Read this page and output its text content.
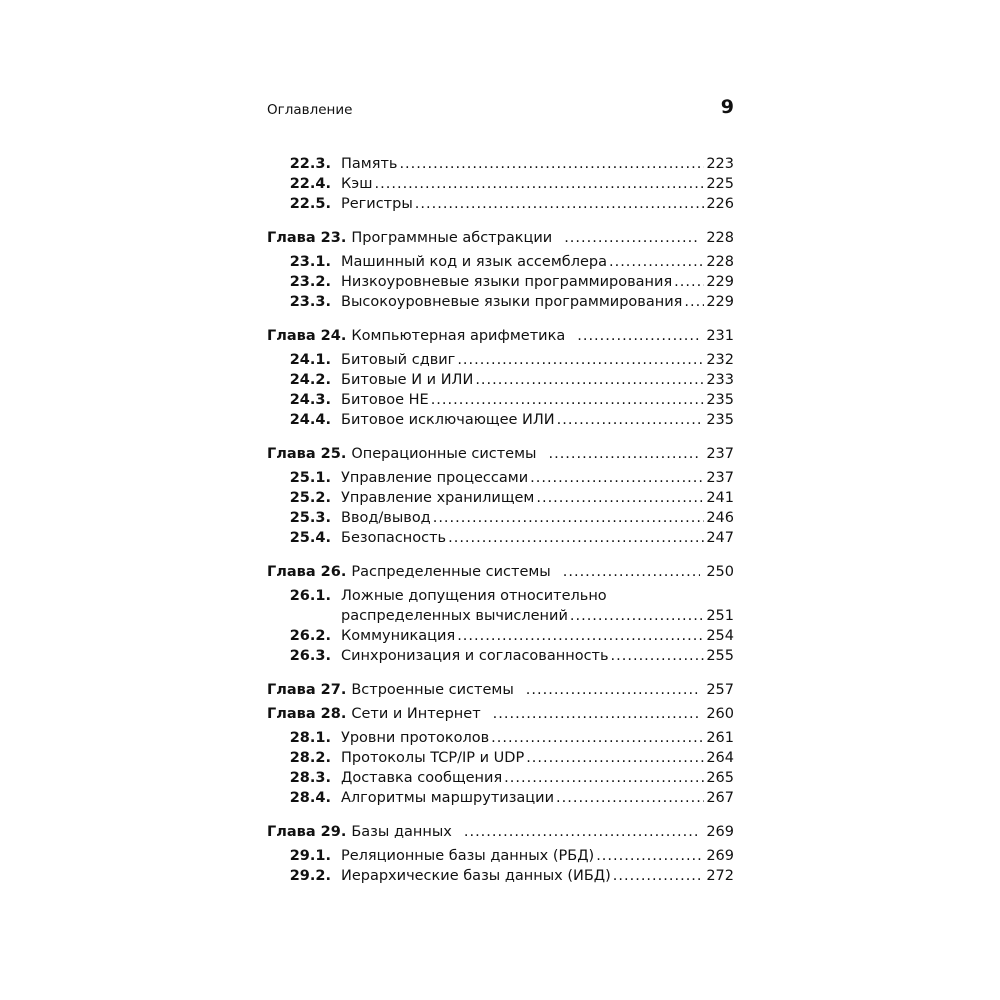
Оглавление	9
22.3. Память .....	223
22.4. Кэш .....	225
22.5. Регистры .....	226
Глава 23. Программные абстракции .....	228
23.1. Машинный код и язык ассемблера .....	228
23.2. Низкоуровневые языки программирования ..... 229
23.3. Высокоуровневые языки программирования ..... 229
Глава 24. Компьютерная арифметика .....	231
24.1. Битовый сдвиг .....	232
24.2. Битовые И и ИЛИ .....	233
24.3. Битовое НЕ .....	235
24.4. Битовое исключающее ИЛИ .....	235
Глава 25. Операционные системы .....	237
25.1. Управление процессами .....	237
25.2. Управление хранилищем .....	241
25.3. Ввод/вывод .....	246
25.4. Безопасность .....	247
Глава 26. Распределенные системы .....	250
26.1. Ложные допущения относительно
распределенных вычислений .....	251
26.2. Коммуникация .....	254
26.3. Синхронизация и согласованность .....	255
Глава 27. Встроенные системы .....	257
Глава 28. Сети и Интернет .....	260
28.1. Уровни протоколов .....	261
28.2. Протоколы TCP/IP и UDP .....	264
28.3. Доставка сообщения .....	265
28.4. Алгоритмы маршрутизации .....	267
Глава 29. Базы данных .....	269
29.1. Реляционные базы данных (РБД) .....	269
29.2. Иерархические базы данных (ИБД) .....	272
